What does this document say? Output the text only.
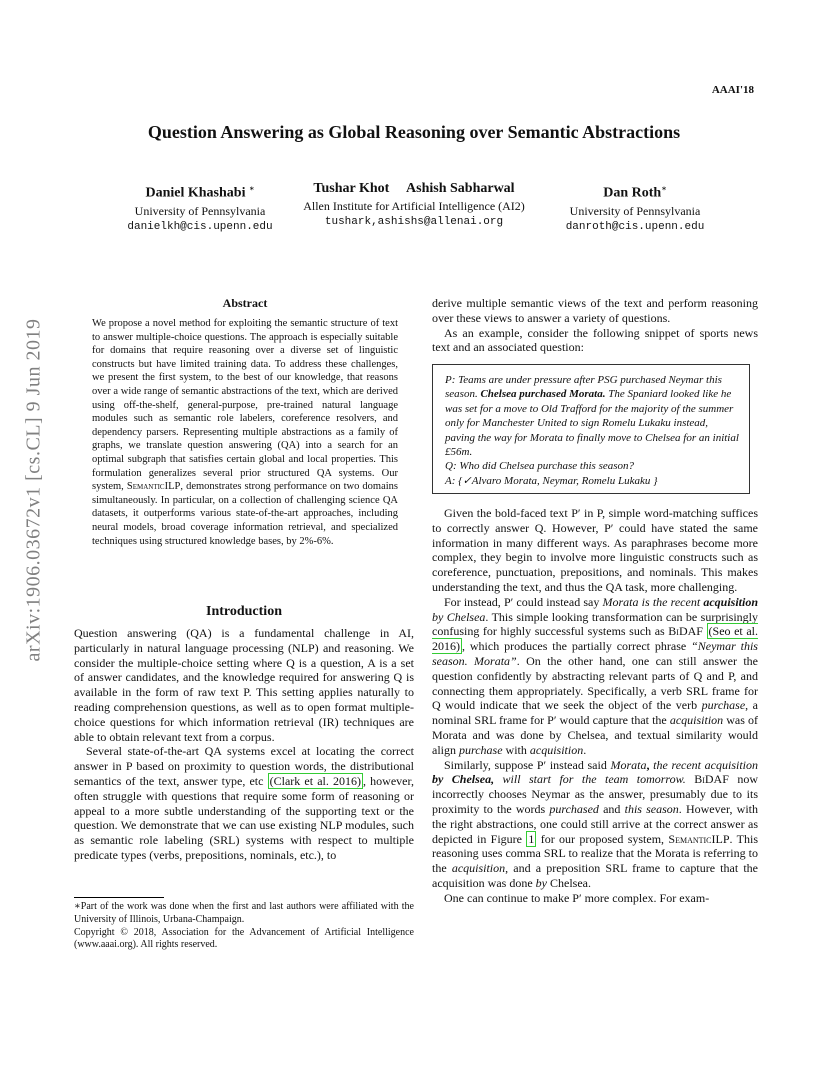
AAAI'18
Question Answering as Global Reasoning over Semantic Abstractions
Daniel Khashabi ∗
University of Pennsylvania
danielkh@cis.upenn.edu
Tushar Khot     Ashish Sabharwal
Allen Institute for Artificial Intelligence (AI2)
tushark,ashishs@allenai.org
Dan Roth∗
University of Pennsylvania
danroth@cis.upenn.edu
arXiv:1906.03672v1 [cs.CL] 9 Jun 2019
Abstract

We propose a novel method for exploiting the semantic structure of text to answer multiple-choice questions. The approach is especially suitable for domains that require reasoning over a diverse set of linguistic constructs but have limited training data. To address these challenges, we present the first system, to the best of our knowledge, that reasons over a wide range of semantic abstractions of the text, which are derived using off-the-shelf, general-purpose, pre-trained natural language modules such as semantic role labelers, coreference resolvers, and dependency parsers. Representing multiple abstractions as a family of graphs, we translate question answering (QA) into a search for an optimal subgraph that satisfies certain global and local properties. This formulation generalizes several prior structured QA systems. Our system, SemanticILP, demonstrates strong performance on two domains simultaneously. In particular, on a collection of challenging science QA datasets, it outperforms various state-of-the-art approaches, including neural models, broad coverage information retrieval, and specialized techniques using structured knowledge bases, by 2%-6%.

Introduction

Question answering (QA) is a fundamental challenge in AI, particularly in natural language processing (NLP) and reasoning. We consider the multiple-choice setting where Q is a question, A is a set of answer candidates, and the knowledge required for answering Q is available in the form of raw text P. This setting applies naturally to reading comprehension questions, as well as to open format multiple-choice questions for which information retrieval (IR) techniques are able to obtain relevant text from a corpus.

Several state-of-the-art QA systems excel at locating the correct answer in P based on proximity to question words, the distributional semantics of the text, answer type, etc (Clark et al. 2016) , however, often struggle with questions that require some form of reasoning or appeal to a more subtle understanding of the supporting text or the question. We demonstrate that we can use existing NLP modules, such as semantic role labeling (SRL) systems with respect to multiple predicate types (verbs, prepositions, nominals, etc.), to

∗Part of the work was done when the first and last authors were affiliated with the University of Illinois, Urbana-Champaign.

Copyright © 2018, Association for the Advancement of Artificial Intelligence (www.aaai.org). All rights reserved.

derive multiple semantic views of the text and perform reasoning over these views to answer a variety of questions.

As an example, consider the following snippet of sports news text and an associated question:

P: Teams are under pressure after PSG purchased Neymar this season. Chelsea purchased Morata. The Spaniard looked like he was set for a move to Old Trafford for the majority of the summer only for Manchester United to sign Romelu Lukaku instead, paving the way for Morata to finally move to Chelsea for an initial £56m.

Q: Who did Chelsea purchase this season?

A: {✓Alvaro Morata, Neymar, Romelu Lukaku }

Given the bold-faced text P′ in P, simple word-matching suffices to correctly answer Q. However, P′ could have stated the same information in many different ways. As paraphrases become more complex, they begin to involve more linguistic constructs such as coreference, punctuation, prepositions, and nominals. This makes understanding the text, and thus the QA task, more challenging.

For instead, P′ could instead say Morata is the recent acquisition by Chelsea. This simple looking transformation can be surprisingly confusing for highly successful systems such as BiDAF (Seo et al. 2016) , which produces the partially correct phrase “Neymar this season. Morata”. On the other hand, one can still answer the question confidently by abstracting relevant parts of Q and P, and connecting them appropriately. Specifically, a verb SRL frame for Q would indicate that we seek the object of the verb purchase, a nominal SRL frame for P′ would capture that the acquisition was of Morata and was done by Chelsea, and textual similarity would align purchase with acquisition.

Similarly, suppose P′ instead said Morata, the recent acquisition by Chelsea, will start for the team tomorrow. BiDAF now incorrectly chooses Neymar as the answer, presumably due to its proximity to the words purchased and this season. However, with the right abstractions, one could still arrive at the correct answer as depicted in Figure 1 for our proposed system, SemanticILP. This reasoning uses comma SRL to realize that the Morata is referring to the acquisition, and a preposition SRL frame to capture that the acquisition was done by Chelsea.

One can continue to make P′ more complex. For exam-
